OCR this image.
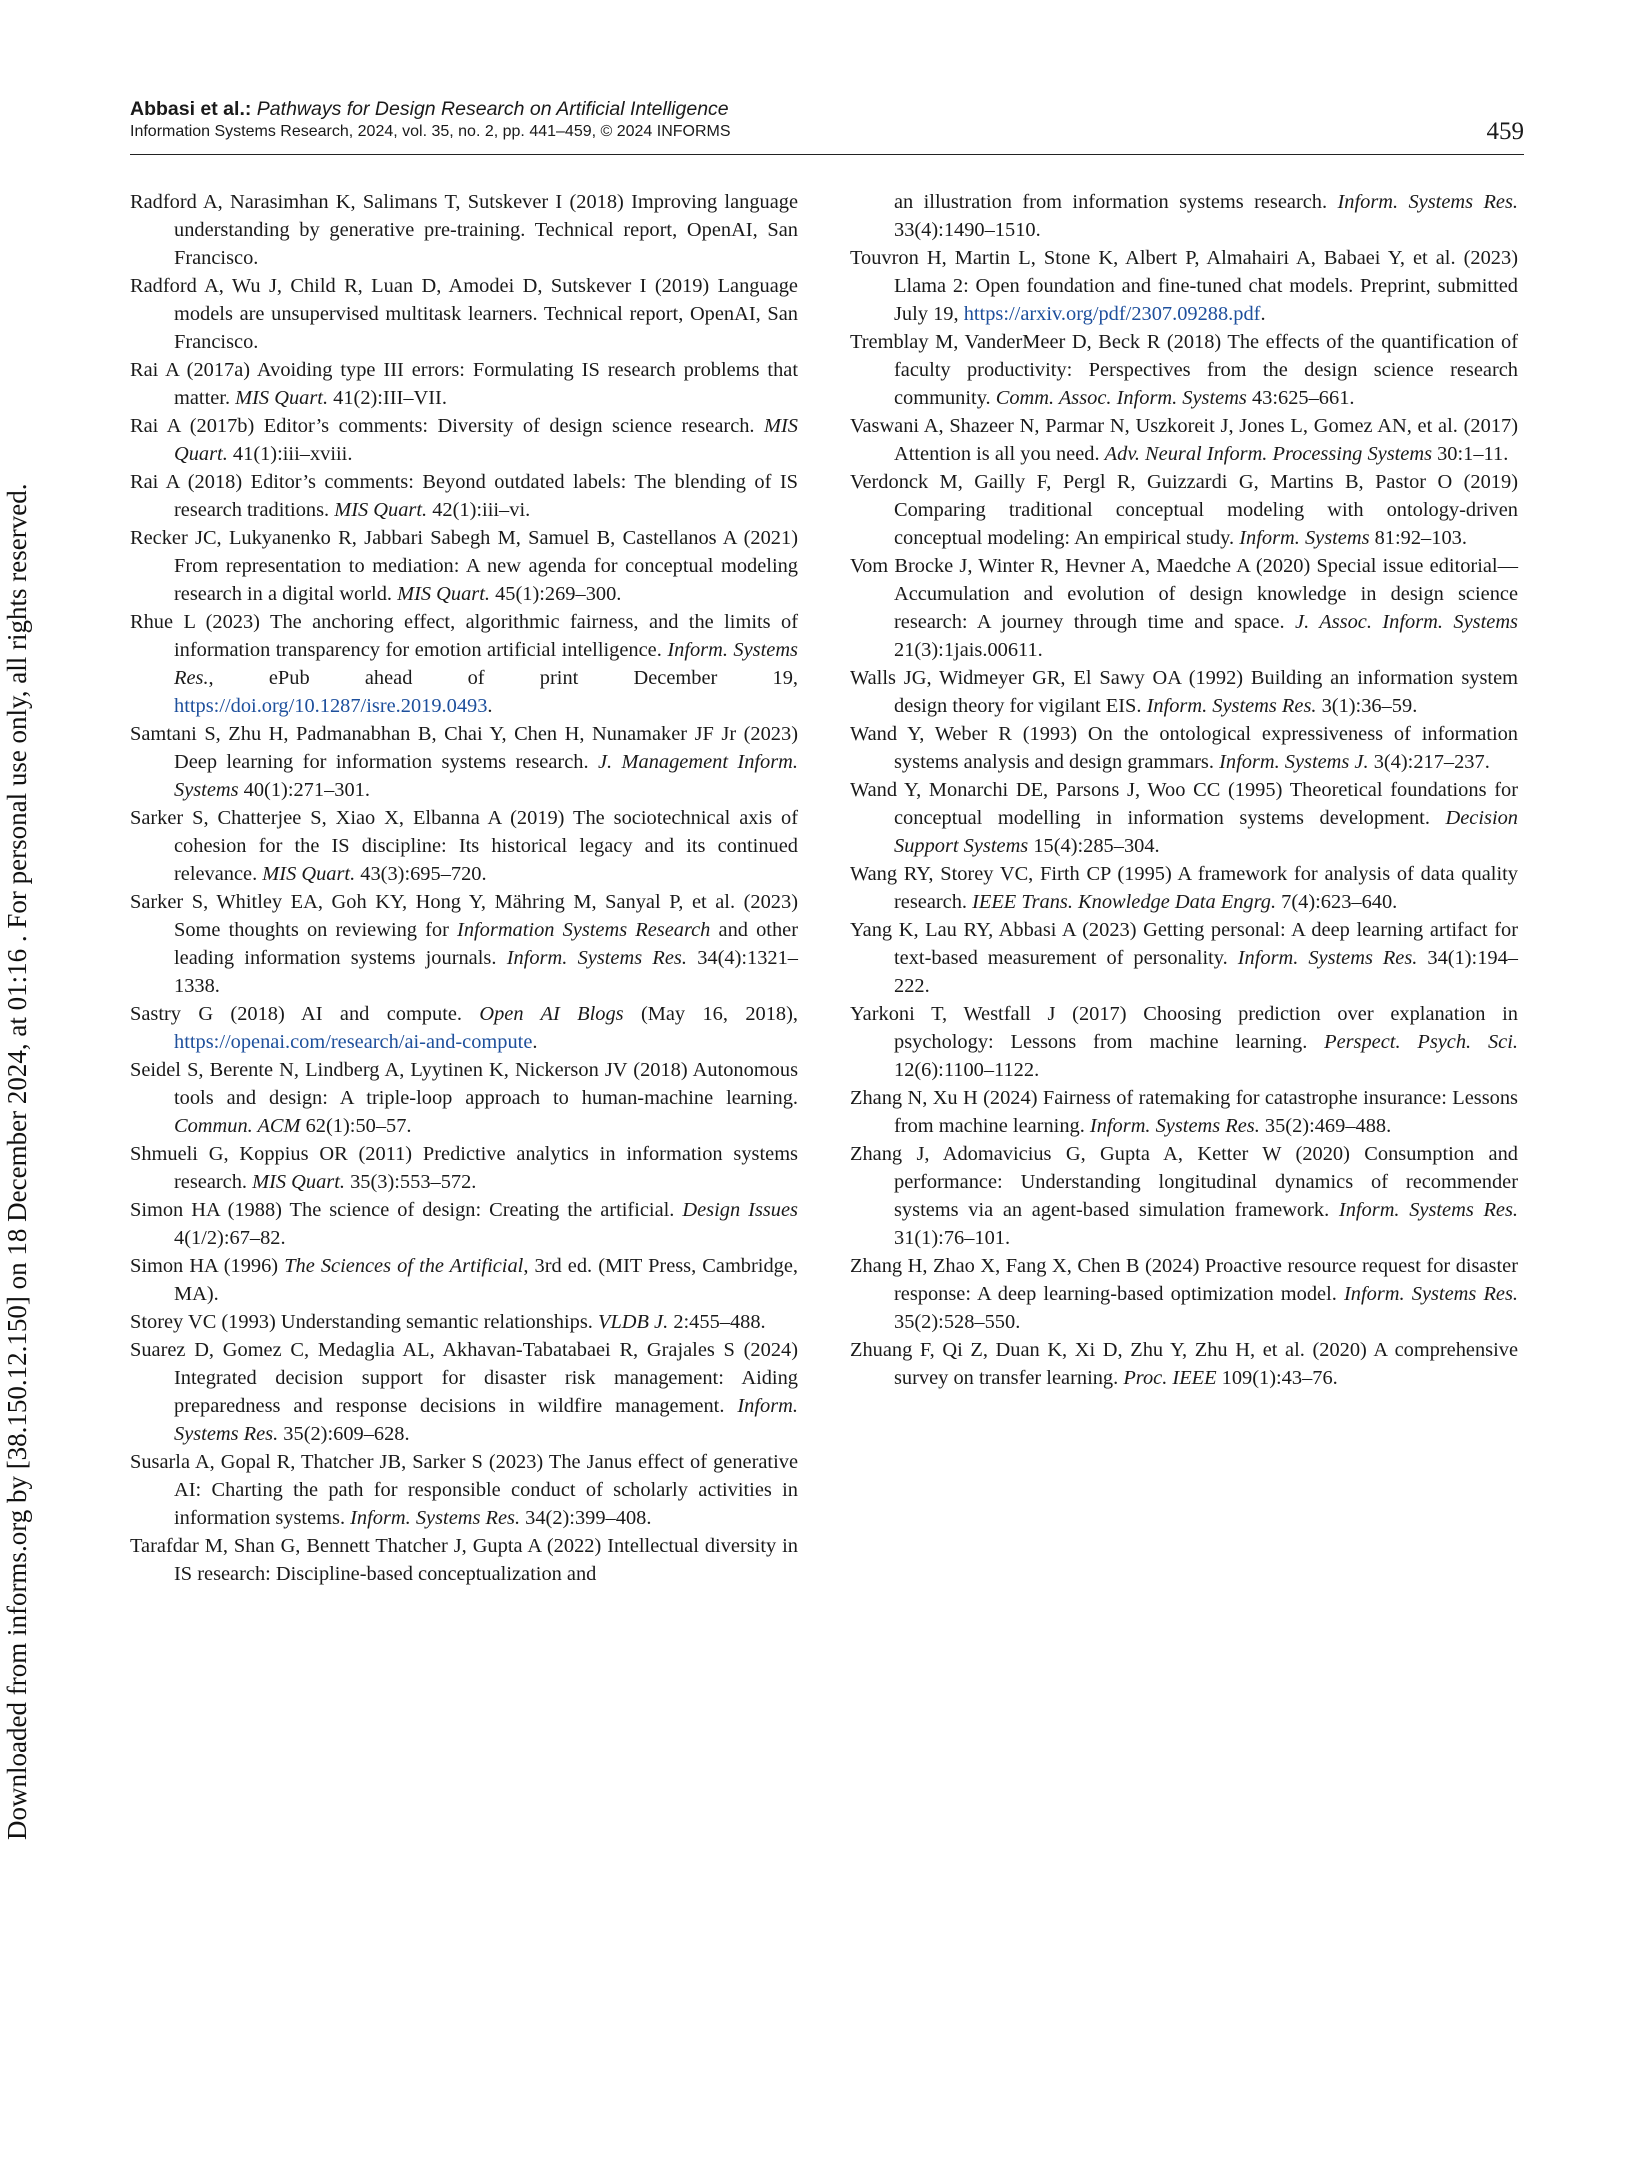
Downloaded from informs.org by [38.150.12.150] on 18 December 2024, at 01:16 . For personal use only, all rights reserved.
Abbasi et al.: Pathways for Design Research on Artificial Intelligence
Information Systems Research, 2024, vol. 35, no. 2, pp. 441–459, © 2024 INFORMS	459
Radford A, Narasimhan K, Salimans T, Sutskever I (2018) Improving language understanding by generative pre-training. Technical report, OpenAI, San Francisco.
Radford A, Wu J, Child R, Luan D, Amodei D, Sutskever I (2019) Language models are unsupervised multitask learners. Technical report, OpenAI, San Francisco.
Rai A (2017a) Avoiding type III errors: Formulating IS research problems that matter. MIS Quart. 41(2):III–VII.
Rai A (2017b) Editor’s comments: Diversity of design science research. MIS Quart. 41(1):iii–xviii.
Rai A (2018) Editor’s comments: Beyond outdated labels: The blending of IS research traditions. MIS Quart. 42(1):iii–vi.
Recker JC, Lukyanenko R, Jabbari Sabegh M, Samuel B, Castellanos A (2021) From representation to mediation: A new agenda for conceptual modeling research in a digital world. MIS Quart. 45(1):269–300.
Rhue L (2023) The anchoring effect, algorithmic fairness, and the limits of information transparency for emotion artificial intelligence. Inform. Systems Res., ePub ahead of print December 19, https://doi.org/10.1287/isre.2019.0493.
Samtani S, Zhu H, Padmanabhan B, Chai Y, Chen H, Nunamaker JF Jr (2023) Deep learning for information systems research. J. Management Inform. Systems 40(1):271–301.
Sarker S, Chatterjee S, Xiao X, Elbanna A (2019) The sociotechnical axis of cohesion for the IS discipline: Its historical legacy and its continued relevance. MIS Quart. 43(3):695–720.
Sarker S, Whitley EA, Goh KY, Hong Y, Mähring M, Sanyal P, et al. (2023) Some thoughts on reviewing for Information Systems Research and other leading information systems journals. Inform. Systems Res. 34(4):1321–1338.
Sastry G (2018) AI and compute. Open AI Blogs (May 16, 2018), https://openai.com/research/ai-and-compute.
Seidel S, Berente N, Lindberg A, Lyytinen K, Nickerson JV (2018) Autonomous tools and design: A triple-loop approach to human-machine learning. Commun. ACM 62(1):50–57.
Shmueli G, Koppius OR (2011) Predictive analytics in information systems research. MIS Quart. 35(3):553–572.
Simon HA (1988) The science of design: Creating the artificial. Design Issues 4(1/2):67–82.
Simon HA (1996) The Sciences of the Artificial, 3rd ed. (MIT Press, Cambridge, MA).
Storey VC (1993) Understanding semantic relationships. VLDB J. 2:455–488.
Suarez D, Gomez C, Medaglia AL, Akhavan-Tabatabaei R, Grajales S (2024) Integrated decision support for disaster risk management: Aiding preparedness and response decisions in wildfire management. Inform. Systems Res. 35(2):609–628.
Susarla A, Gopal R, Thatcher JB, Sarker S (2023) The Janus effect of generative AI: Charting the path for responsible conduct of scholarly activities in information systems. Inform. Systems Res. 34(2):399–408.
Tarafdar M, Shan G, Bennett Thatcher J, Gupta A (2022) Intellectual diversity in IS research: Discipline-based conceptualization and
an illustration from information systems research. Inform. Systems Res. 33(4):1490–1510.
Touvron H, Martin L, Stone K, Albert P, Almahairi A, Babaei Y, et al. (2023) Llama 2: Open foundation and fine-tuned chat models. Preprint, submitted July 19, https://arxiv.org/pdf/2307.09288.pdf.
Tremblay M, VanderMeer D, Beck R (2018) The effects of the quantification of faculty productivity: Perspectives from the design science research community. Comm. Assoc. Inform. Systems 43:625–661.
Vaswani A, Shazeer N, Parmar N, Uszkoreit J, Jones L, Gomez AN, et al. (2017) Attention is all you need. Adv. Neural Inform. Processing Systems 30:1–11.
Verdonck M, Gailly F, Pergl R, Guizzardi G, Martins B, Pastor O (2019) Comparing traditional conceptual modeling with ontology-driven conceptual modeling: An empirical study. Inform. Systems 81:92–103.
Vom Brocke J, Winter R, Hevner A, Maedche A (2020) Special issue editorial—Accumulation and evolution of design knowledge in design science research: A journey through time and space. J. Assoc. Inform. Systems 21(3):1jais.00611.
Walls JG, Widmeyer GR, El Sawy OA (1992) Building an information system design theory for vigilant EIS. Inform. Systems Res. 3(1):36–59.
Wand Y, Weber R (1993) On the ontological expressiveness of information systems analysis and design grammars. Inform. Systems J. 3(4):217–237.
Wand Y, Monarchi DE, Parsons J, Woo CC (1995) Theoretical foundations for conceptual modelling in information systems development. Decision Support Systems 15(4):285–304.
Wang RY, Storey VC, Firth CP (1995) A framework for analysis of data quality research. IEEE Trans. Knowledge Data Engrg. 7(4):623–640.
Yang K, Lau RY, Abbasi A (2023) Getting personal: A deep learning artifact for text-based measurement of personality. Inform. Systems Res. 34(1):194–222.
Yarkoni T, Westfall J (2017) Choosing prediction over explanation in psychology: Lessons from machine learning. Perspect. Psych. Sci. 12(6):1100–1122.
Zhang N, Xu H (2024) Fairness of ratemaking for catastrophe insurance: Lessons from machine learning. Inform. Systems Res. 35(2):469–488.
Zhang J, Adomavicius G, Gupta A, Ketter W (2020) Consumption and performance: Understanding longitudinal dynamics of recommender systems via an agent-based simulation framework. Inform. Systems Res. 31(1):76–101.
Zhang H, Zhao X, Fang X, Chen B (2024) Proactive resource request for disaster response: A deep learning-based optimization model. Inform. Systems Res. 35(2):528–550.
Zhuang F, Qi Z, Duan K, Xi D, Zhu Y, Zhu H, et al. (2020) A comprehensive survey on transfer learning. Proc. IEEE 109(1):43–76.
